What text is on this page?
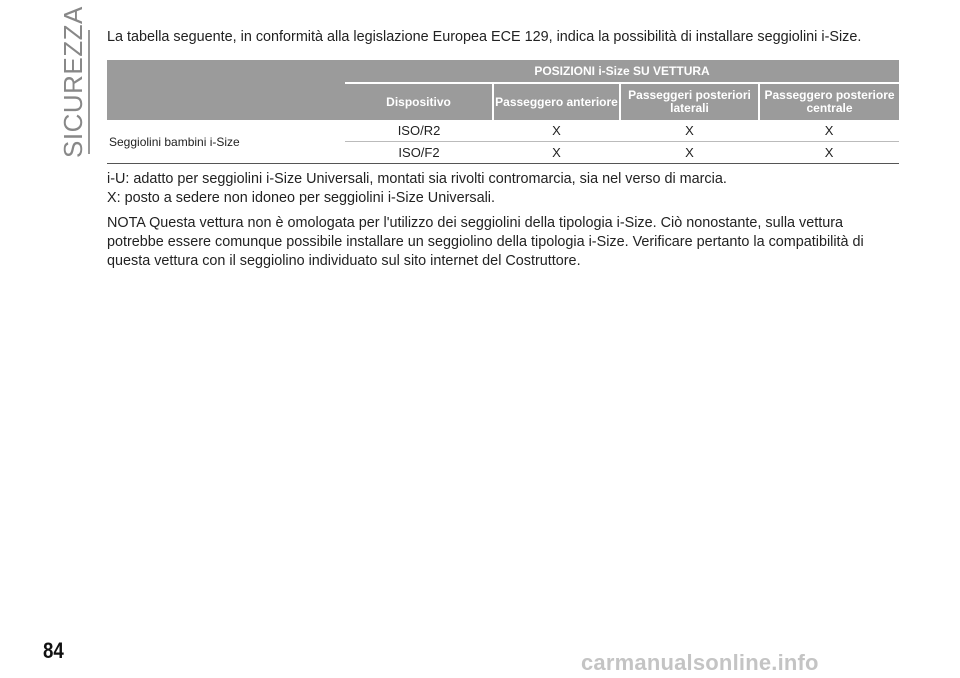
SICUREZZA La tabella seguente, in conformità alla legislazione Europea ECE 129, indica la possibilità di installare seggiolini i-Size.

	POSIZIONI i-Size SU VETTURA			
	Dispositivo	Passeggero anteriore	Passeggeri posteriori laterali	Passeggero posteriore centrale
Seggiolini bambini i-Size	ISO/R2	X	X	X
	ISO/F2	X	X	X

i-U: adatto per seggiolini i-Size Universali, montati sia rivolti contromarcia, sia nel verso di marcia.

X: posto a sedere non idoneo per seggiolini i-Size Universali.

NOTA Questa vettura non è omologata per l'utilizzo dei seggiolini della tipologia i-Size. Ciò nonostante, sulla vettura potrebbe essere comunque possibile installare un seggiolino della tipologia i-Size. Verificare pertanto la compatibilità di questa vettura con il seggiolino individuato sul sito internet del Costruttore.

84	carmanualsonline.info
